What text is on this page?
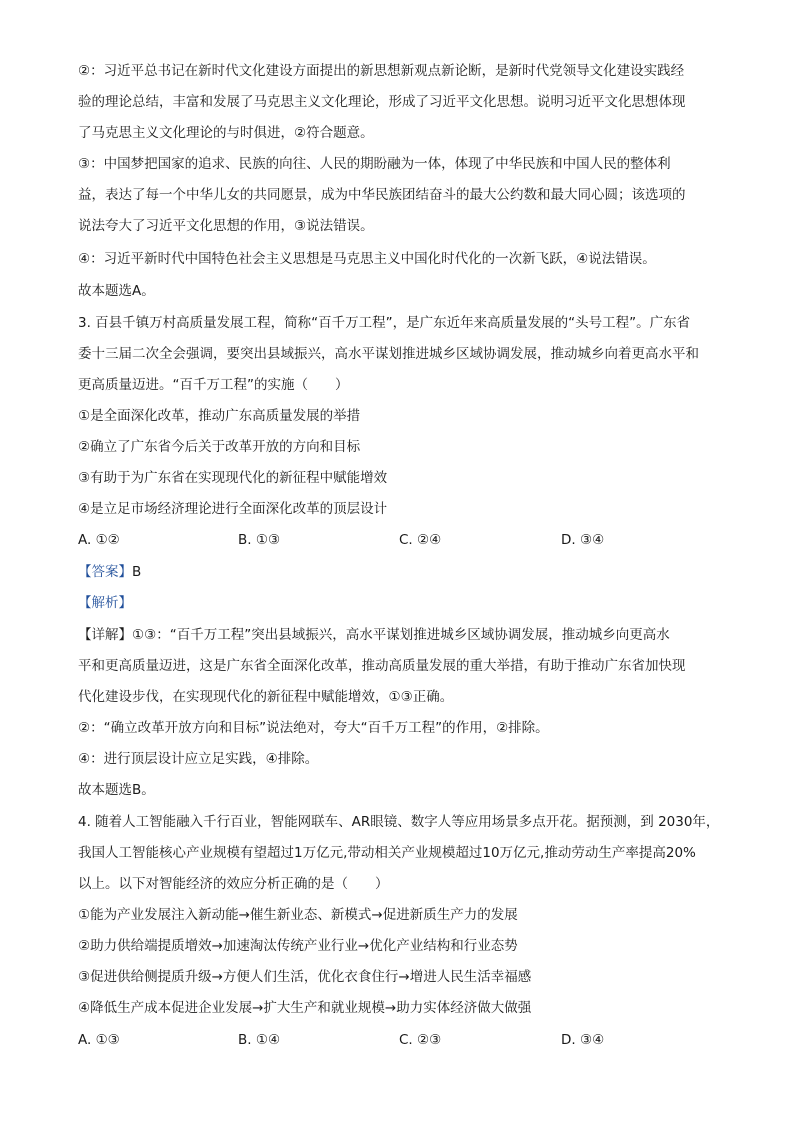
②：习近平总书记在新时代文化建设方面提出的新思想新观点新论断，是新时代党领导文化建设实践经
验的理论总结，丰富和发展了马克思主义文化理论，形成了习近平文化思想。说明习近平文化思想体现
了马克思主义文化理论的与时俱进，②符合题意。
③：中国梦把国家的追求、民族的向往、人民的期盼融为一体，体现了中华民族和中国人民的整体利
益，表达了每一个中华儿女的共同愿景，成为中华民族团结奋斗的最大公约数和最大同心圆；该选项的
说法夸大了习近平文化思想的作用，③说法错误。
④：习近平新时代中国特色社会主义思想是马克思主义中国化时代化的一次新飞跃，④说法错误。
故本题选A。
3. 百县千镇万村高质量发展工程，简称“百千万工程”，是广东近年来高质量发展的“头号工程”。广东省
委十三届二次全会强调，要突出县域振兴，高水平谋划推进城乡区域协调发展，推动城乡向着更高水平和
更高质量迈进。“百千万工程”的实施（　　）
①是全面深化改革，推动广东高质量发展的举措
②确立了广东省今后关于改革开放的方向和目标
③有助于为广东省在实现现代化的新征程中赋能增效
④是立足市场经济理论进行全面深化改革的顶层设计
A. ①②	B. ①③	C. ②④	D. ③④
【答案】B
【解析】
【详解】①③：“百千万工程”突出县域振兴，高水平谋划推进城乡区域协调发展，推动城乡向更高水
平和更高质量迈进，这是广东省全面深化改革，推动高质量发展的重大举措，有助于推动广东省加快现
代化建设步伐，在实现现代化的新征程中赋能增效，①③正确。
②：“确立改革开放方向和目标”说法绝对，夸大“百千万工程”的作用，②排除。
④：进行顶层设计应立足实践，④排除。
故本题选B。
4. 随着人工智能融入千行百业，智能网联车、AR眼镜、数字人等应用场景多点开花。据预测，到 2030年，
我国人工智能核心产业规模有望超过1万亿元,带动相关产业规模超过10万亿元,推动劳动生产率提高20%
以上。以下对智能经济的效应分析正确的是（　　）
①能为产业发展注入新动能→催生新业态、新模式→促进新质生产力的发展
②助力供给端提质增效→加速淘汰传统产业行业→优化产业结构和行业态势
③促进供给侧提质升级→方便人们生活，优化衣食住行→增进人民生活幸福感
④降低生产成本促进企业发展→扩大生产和就业规模→助力实体经济做大做强
A. ①③	B. ①④	C. ②③	D. ③④
